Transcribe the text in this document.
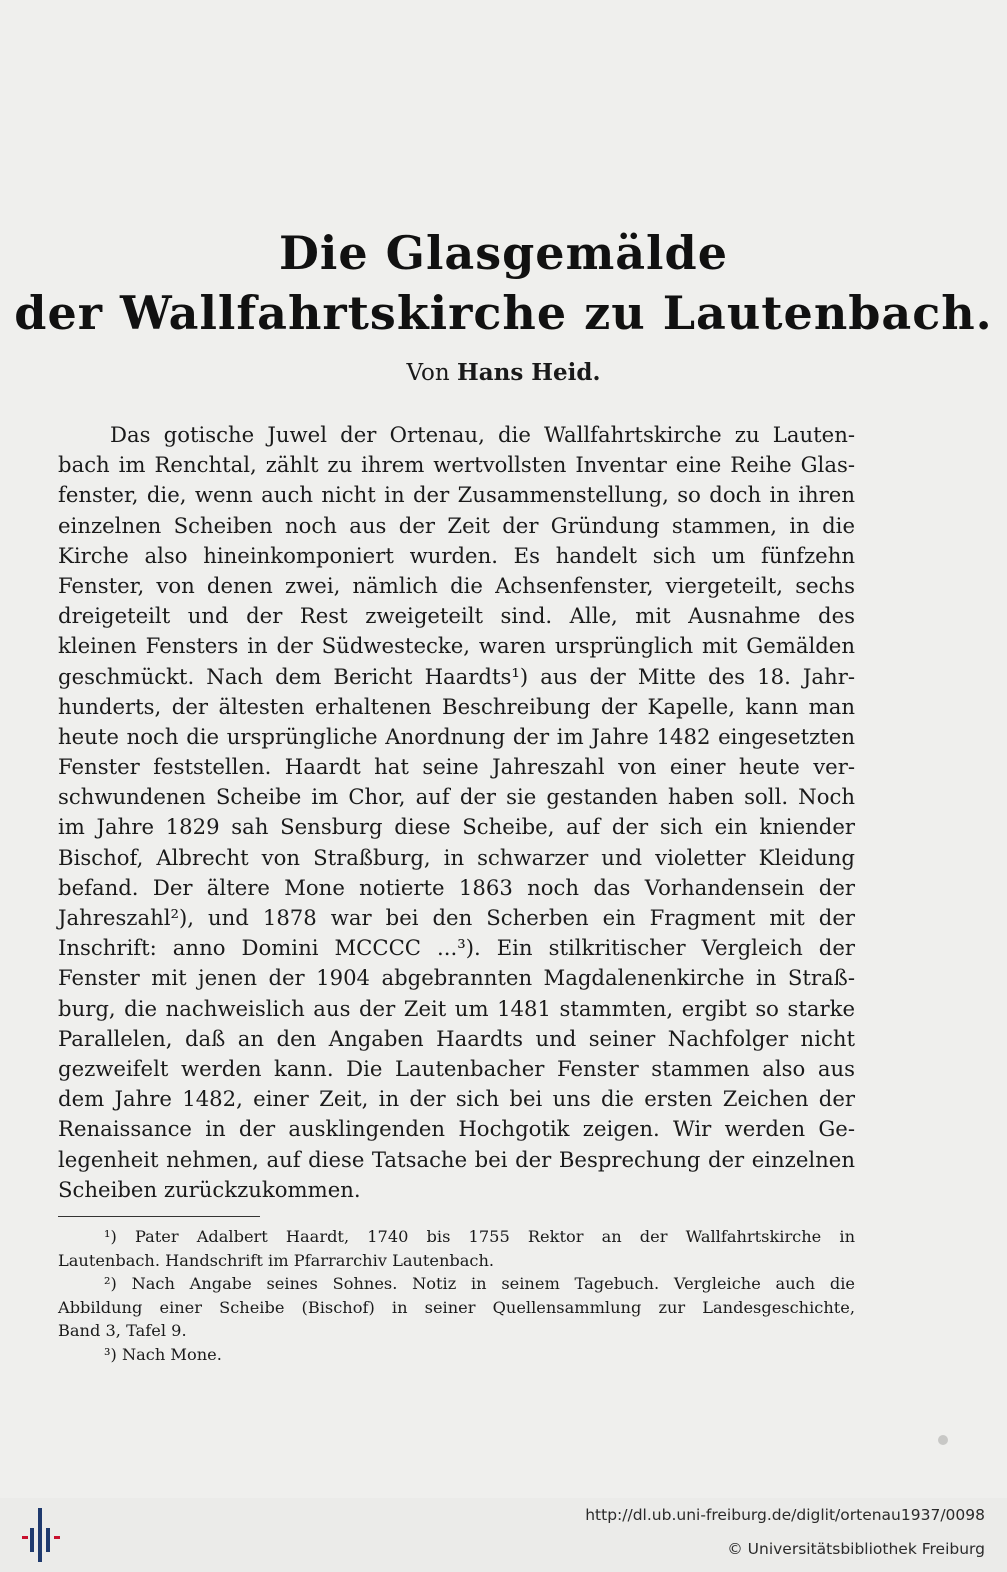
Die Glasgemälde
der Wallfahrtskirche zu Lautenbach.
Von Hans Heid.
Das gotische Juwel der Ortenau, die Wallfahrtskirche zu Lauten-
bach im Renchtal, zählt zu ihrem wertvollsten Inventar eine Reihe Glas-
fenster, die, wenn auch nicht in der Zusammenstellung, so doch in ihren
einzelnen Scheiben noch aus der Zeit der Gründung stammen, in die
Kirche also hineinkomponiert wurden. Es handelt sich um fünfzehn
Fenster, von denen zwei, nämlich die Achsenfenster, viergeteilt, sechs
dreigeteilt und der Rest zweigeteilt sind. Alle, mit Ausnahme des
kleinen Fensters in der Südwestecke, waren ursprünglich mit Gemälden
geschmückt. Nach dem Bericht Haardts¹) aus der Mitte des 18. Jahr-
hunderts, der ältesten erhaltenen Beschreibung der Kapelle, kann man
heute noch die ursprüngliche Anordnung der im Jahre 1482 eingesetzten
Fenster feststellen. Haardt hat seine Jahreszahl von einer heute ver-
schwundenen Scheibe im Chor, auf der sie gestanden haben soll. Noch
im Jahre 1829 sah Sensburg diese Scheibe, auf der sich ein kniender
Bischof, Albrecht von Straßburg, in schwarzer und violetter Kleidung
befand. Der ältere Mone notierte 1863 noch das Vorhandensein der
Jahreszahl²), und 1878 war bei den Scherben ein Fragment mit der
Inschrift: anno Domini MCCCC ...³). Ein stilkritischer Vergleich der
Fenster mit jenen der 1904 abgebrannten Magdalenenkirche in Straß-
burg, die nachweislich aus der Zeit um 1481 stammten, ergibt so starke
Parallelen, daß an den Angaben Haardts und seiner Nachfolger nicht
gezweifelt werden kann. Die Lautenbacher Fenster stammen also aus
dem Jahre 1482, einer Zeit, in der sich bei uns die ersten Zeichen der
Renaissance in der ausklingenden Hochgotik zeigen. Wir werden Ge-
legenheit nehmen, auf diese Tatsache bei der Besprechung der einzelnen
Scheiben zurückzukommen.
¹) Pater Adalbert Haardt, 1740 bis 1755 Rektor an der Wallfahrtskirche in
Lautenbach. Handschrift im Pfarrarchiv Lautenbach.
²) Nach Angabe seines Sohnes. Notiz in seinem Tagebuch. Vergleiche auch die
Abbildung einer Scheibe (Bischof) in seiner Quellensammlung zur Landesgeschichte,
Band 3, Tafel 9.
³) Nach Mone.
http://dl.ub.uni-freiburg.de/diglit/ortenau1937/0098
© Universitätsbibliothek Freiburg
